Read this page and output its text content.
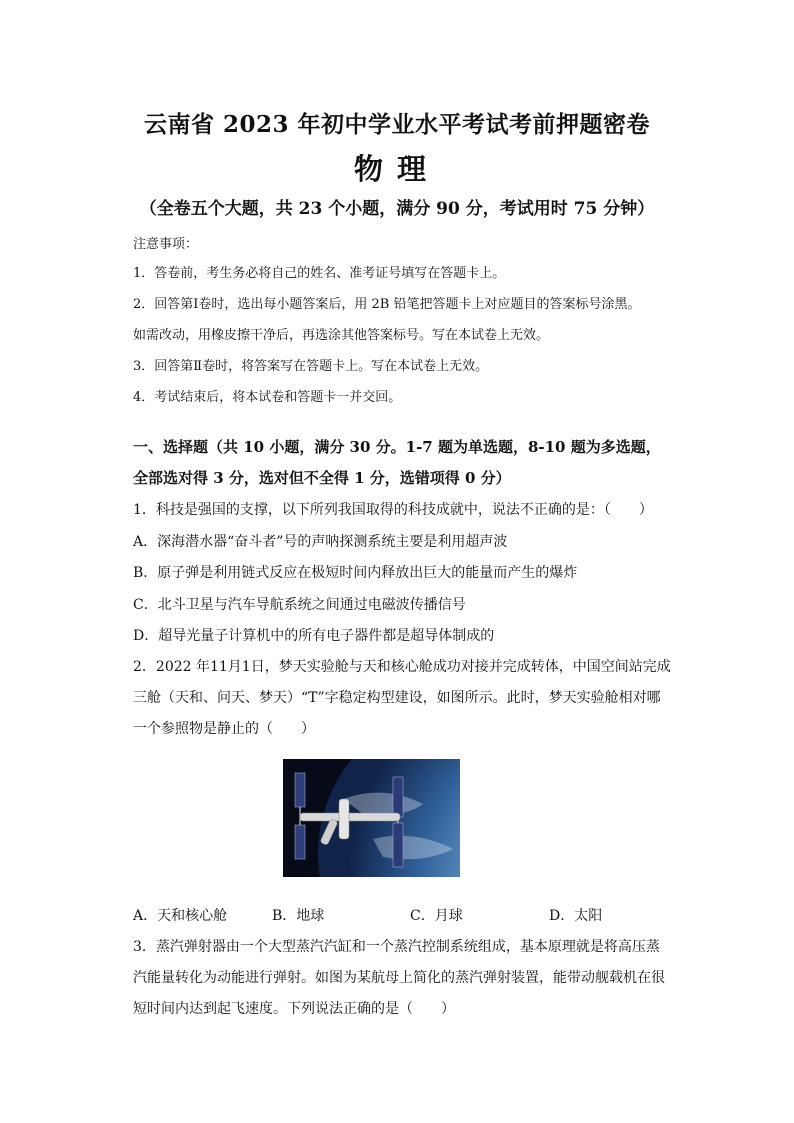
云南省 2023 年初中学业水平考试考前押题密卷
物理
（全卷五个大题，共 23 个小题，满分 90 分，考试用时 75 分钟）
注意事项：
1．答卷前，考生务必将自己的姓名、准考证号填写在答题卡上。
2．回答第Ⅰ卷时，选出每小题答案后，用 2B 铅笔把答题卡上对应题目的答案标号涂黑。
如需改动，用橡皮擦干净后，再选涂其他答案标号。写在本试卷上无效。
3．回答第Ⅱ卷时，将答案写在答题卡上。写在本试卷上无效。
4．考试结束后，将本试卷和答题卡一并交回。
一、选择题（共 10 小题，满分 30 分。1-7 题为单选题，8-10 题为多选题，
全部选对得 3 分，选对但不全得 1 分，选错项得 0 分）
1．科技是强国的支撑，以下所列我国取得的科技成就中，说法不正确的是：（　　）
A．深海潜水器“奋斗者”号的声呐探测系统主要是利用超声波
B．原子弹是利用链式反应在极短时间内释放出巨大的能量而产生的爆炸
C．北斗卫星与汽车导航系统之间通过电磁波传播信号
D．超导光量子计算机中的所有电子器件都是超导体制成的
2．2022 年11月1日，梦天实验舱与天和核心舱成功对接并完成转体，中国空间站完成
三舱（天和、问天、梦天）“T”字稳定构型建设，如图所示。此时，梦天实验舱相对哪
一个参照物是静止的（　　）
A．天和核心舱	B．地球	C．月球	D．太阳
3．蒸汽弹射器由一个大型蒸汽汽缸和一个蒸汽控制系统组成，基本原理就是将高压蒸
汽能量转化为动能进行弹射。如图为某航母上简化的蒸汽弹射装置，能带动舰载机在很
短时间内达到起飞速度。下列说法正确的是（　　）
